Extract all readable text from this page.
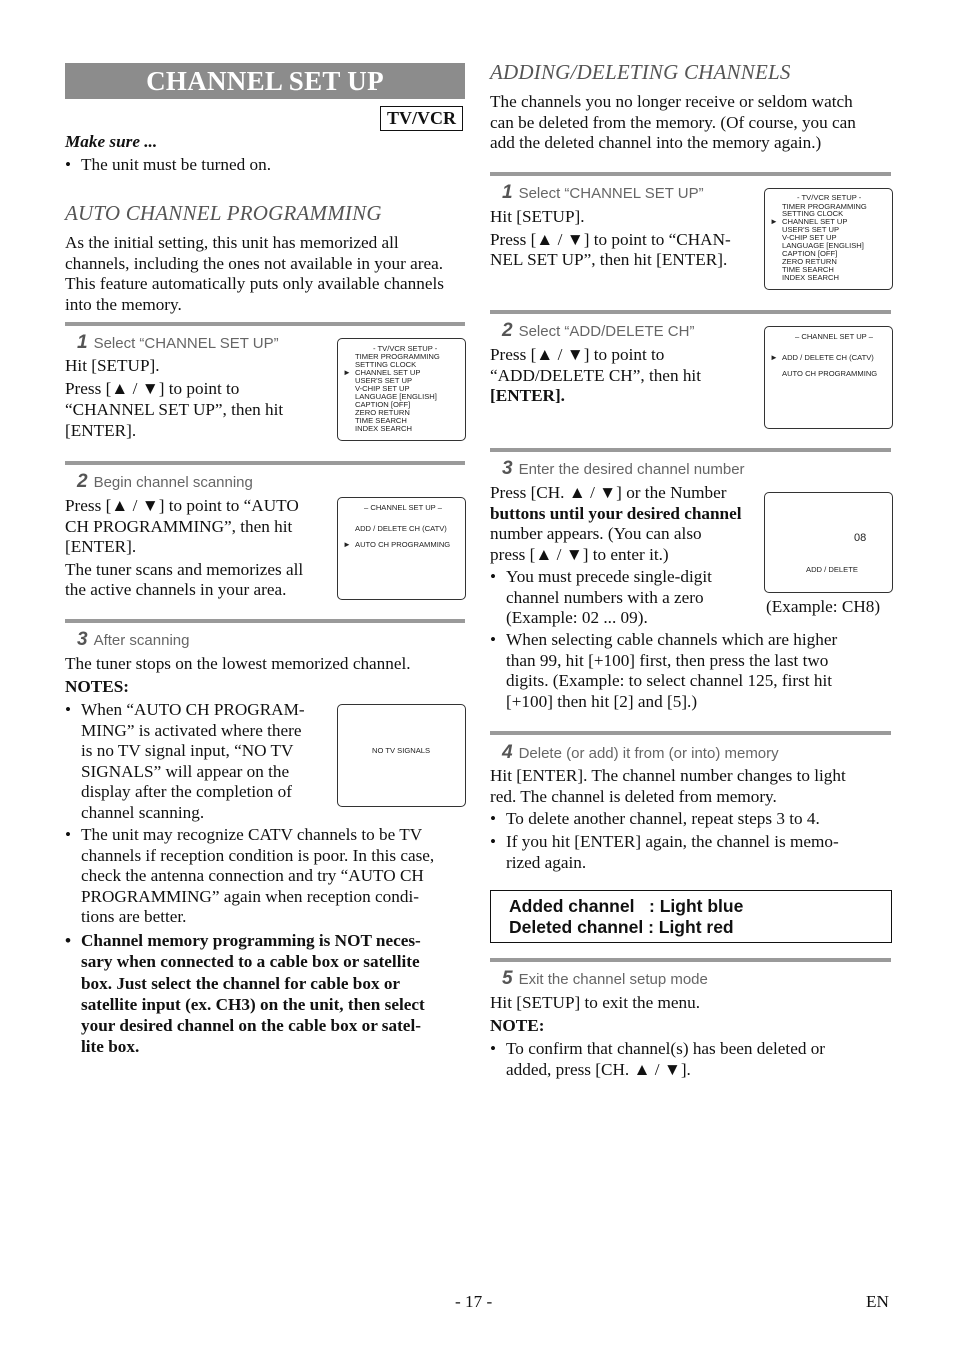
CHANNEL SET UP
TV/VCR
Make sure ...
• The unit must be turned on.
AUTO CHANNEL PROGRAMMING
As the initial setting, this unit has memorized all channels, including the ones not available in your area. This feature automatically puts only available channels into the memory.
1 Select “CHANNEL SET UP”
Hit [SETUP].
Press [▲ / ▼] to point to
“CHANNEL SET UP”, then hit
[ENTER].
- TV/VCR SETUP -
TIMER PROGRAMMING
SETTING CLOCK
► CHANNEL SET UP
USER'S SET UP
V-CHIP SET UP
LANGUAGE [ENGLISH]
CAPTION [OFF]
ZERO RETURN
TIME SEARCH
INDEX SEARCH
2 Begin channel scanning
Press [▲ / ▼] to point to “AUTO
CH PROGRAMMING”, then hit
[ENTER].
The tuner scans and memorizes all
the active channels in your area.
– CHANNEL SET UP –
ADD / DELETE CH (CATV)
► AUTO CH PROGRAMMING
3 After scanning
The tuner stops on the lowest memorized channel.
NOTES:
• When “AUTO CH PROGRAM-
MING” is activated where there
is no TV signal input, “NO TV
SIGNALS” will appear on the
display after the completion of
channel scanning.
NO TV SIGNALS
• The unit may recognize CATV channels to be TV
channels if reception condition is poor. In this case,
check the antenna connection and try “AUTO CH
PROGRAMMING” again when reception condi-
tions are better.
• Channel memory programming is NOT neces-
sary when connected to a cable box or satellite
box. Just select the channel for cable box or
satellite input (ex. CH3) on the unit, then select
your desired channel on the cable box or satel-
lite box.
ADDING/DELETING CHANNELS
The channels you no longer receive or seldom watch
can be deleted from the memory. (Of course, you can
add the deleted channel into the memory again.)
1 Select “CHANNEL SET UP”
Hit [SETUP].
Press [▲ / ▼] to point to “CHAN-
NEL SET UP”, then hit [ENTER].
- TV/VCR SETUP -
TIMER PROGRAMMING
SETTING CLOCK
► CHANNEL SET UP
USER'S SET UP
V-CHIP SET UP
LANGUAGE [ENGLISH]
CAPTION [OFF]
ZERO RETURN
TIME SEARCH
INDEX SEARCH
2 Select “ADD/DELETE CH”
Press [▲ / ▼] to point to
“ADD/DELETE CH”, then hit
[ENTER].
– CHANNEL SET UP –
► ADD / DELETE CH (CATV)
AUTO CH PROGRAMMING
3 Enter the desired channel number
Press [CH. ▲ / ▼] or the Number
buttons until your desired channel
number appears. (You can also
press [▲ / ▼] to enter it.)
• You must precede single-digit
channel numbers with a zero
(Example: 02 ... 09).
08
ADD / DELETE
(Example: CH8)
• When selecting cable channels which are higher
than 99, hit [+100] first, then press the last two
digits. (Example: to select channel 125, first hit
[+100] then hit [2] and [5].)
4 Delete (or add) it from (or into) memory
Hit [ENTER]. The channel number changes to light
red. The channel is deleted from memory.
• To delete another channel, repeat steps 3 to 4.
• If you hit [ENTER] again, the channel is memo-
rized again.
Added channel   : Light blue
Deleted channel : Light red
5 Exit the channel setup mode
Hit [SETUP] to exit the menu.
NOTE:
• To confirm that channel(s) has been deleted or
added, press [CH. ▲ / ▼].
- 17 -	EN
